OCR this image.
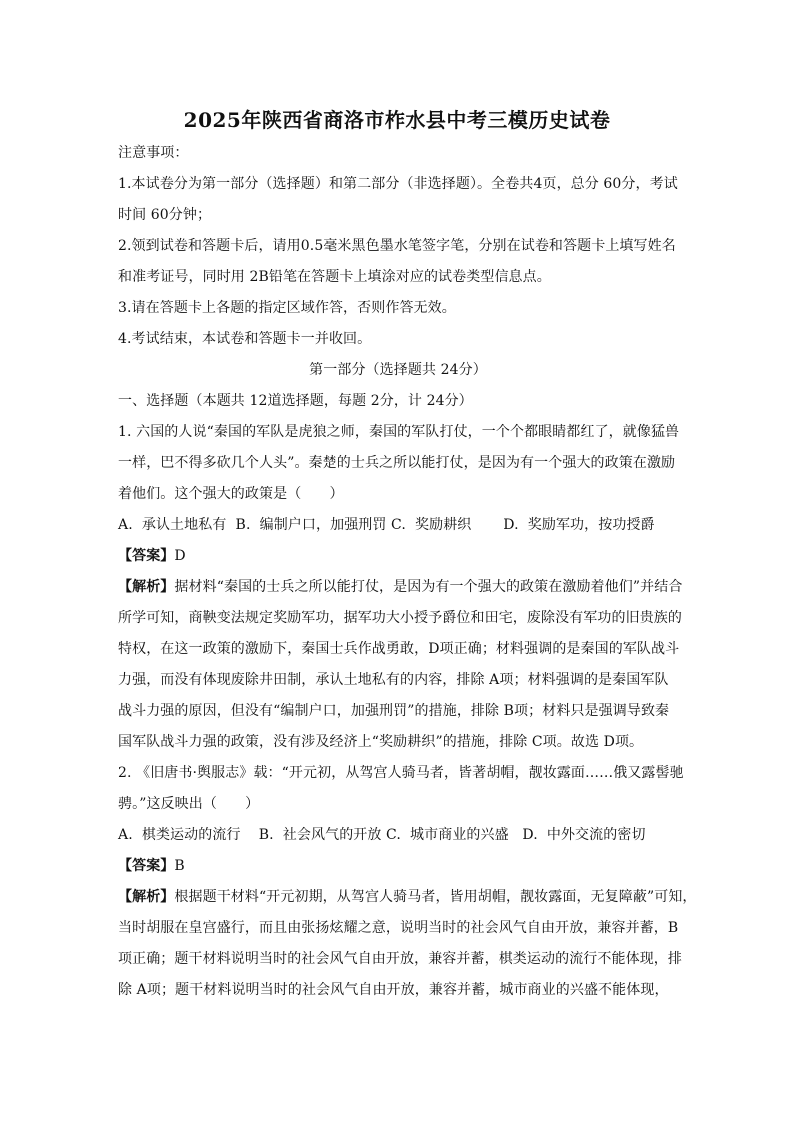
2025年陕西省商洛市柞水县中考三模历史试卷
注意事项：
1.本试卷分为第一部分（选择题）和第二部分（非选择题）。全卷共4页，总分 60分，考试
时间 60分钟；
2.领到试卷和答题卡后，请用0.5毫米黑色墨水笔签字笔，分别在试卷和答题卡上填写姓名
和准考证号，同时用 2B铅笔在答题卡上填涂对应的试卷类型信息点。
3.请在答题卡上各题的指定区域作答，否则作答无效。
4.考试结束，本试卷和答题卡一并收回。
第一部分（选择题共 24分）
一、选择题（本题共 12道选择题，每题 2分，计 24分）
1. 六国的人说“秦国的军队是虎狼之师，秦国的军队打仗，一个个都眼睛都红了，就像猛兽
一样，巴不得多砍几个人头”。秦楚的士兵之所以能打仗，是因为有一个强大的政策在激励
着他们。这个强大的政策是（　　）
A.  承认土地私有  B.  编制户口，加强刑罚 C.  奖励耕织       D.  奖励军功，按功授爵
【答案】D
【解析】据材料“秦国的士兵之所以能打仗，是因为有一个强大的政策在激励着他们”并结合
所学可知，商鞅变法规定奖励军功，据军功大小授予爵位和田宅，废除没有军功的旧贵族的
特权，在这一政策的激励下，秦国士兵作战勇敢，D项正确；材料强调的是秦国的军队战斗
力强，而没有体现废除井田制，承认土地私有的内容，排除 A项；材料强调的是秦国军队
战斗力强的原因，但没有“编制户口，加强刑罚”的措施，排除 B项；材料只是强调导致秦
国军队战斗力强的政策，没有涉及经济上“奖励耕织”的措施，排除 C项。故选 D项。
2. 《旧唐书·舆服志》载：“开元初，从驾宫人骑马者，皆著胡帽，靓妆露面……俄又露髻驰
骋。”这反映出（　　）
A.  棋类运动的流行    B.  社会风气的开放 C.  城市商业的兴盛   D.  中外交流的密切
【答案】B
【解析】根据题干材料“开元初期，从驾宫人骑马者，皆用胡帽，靓妆露面，无复障蔽”可知，
当时胡服在皇宫盛行，而且由张扬炫耀之意，说明当时的社会风气自由开放，兼容并蓄，B
项正确；题干材料说明当时的社会风气自由开放，兼容并蓄，棋类运动的流行不能体现，排
除 A项；题干材料说明当时的社会风气自由开放，兼容并蓄，城市商业的兴盛不能体现，
